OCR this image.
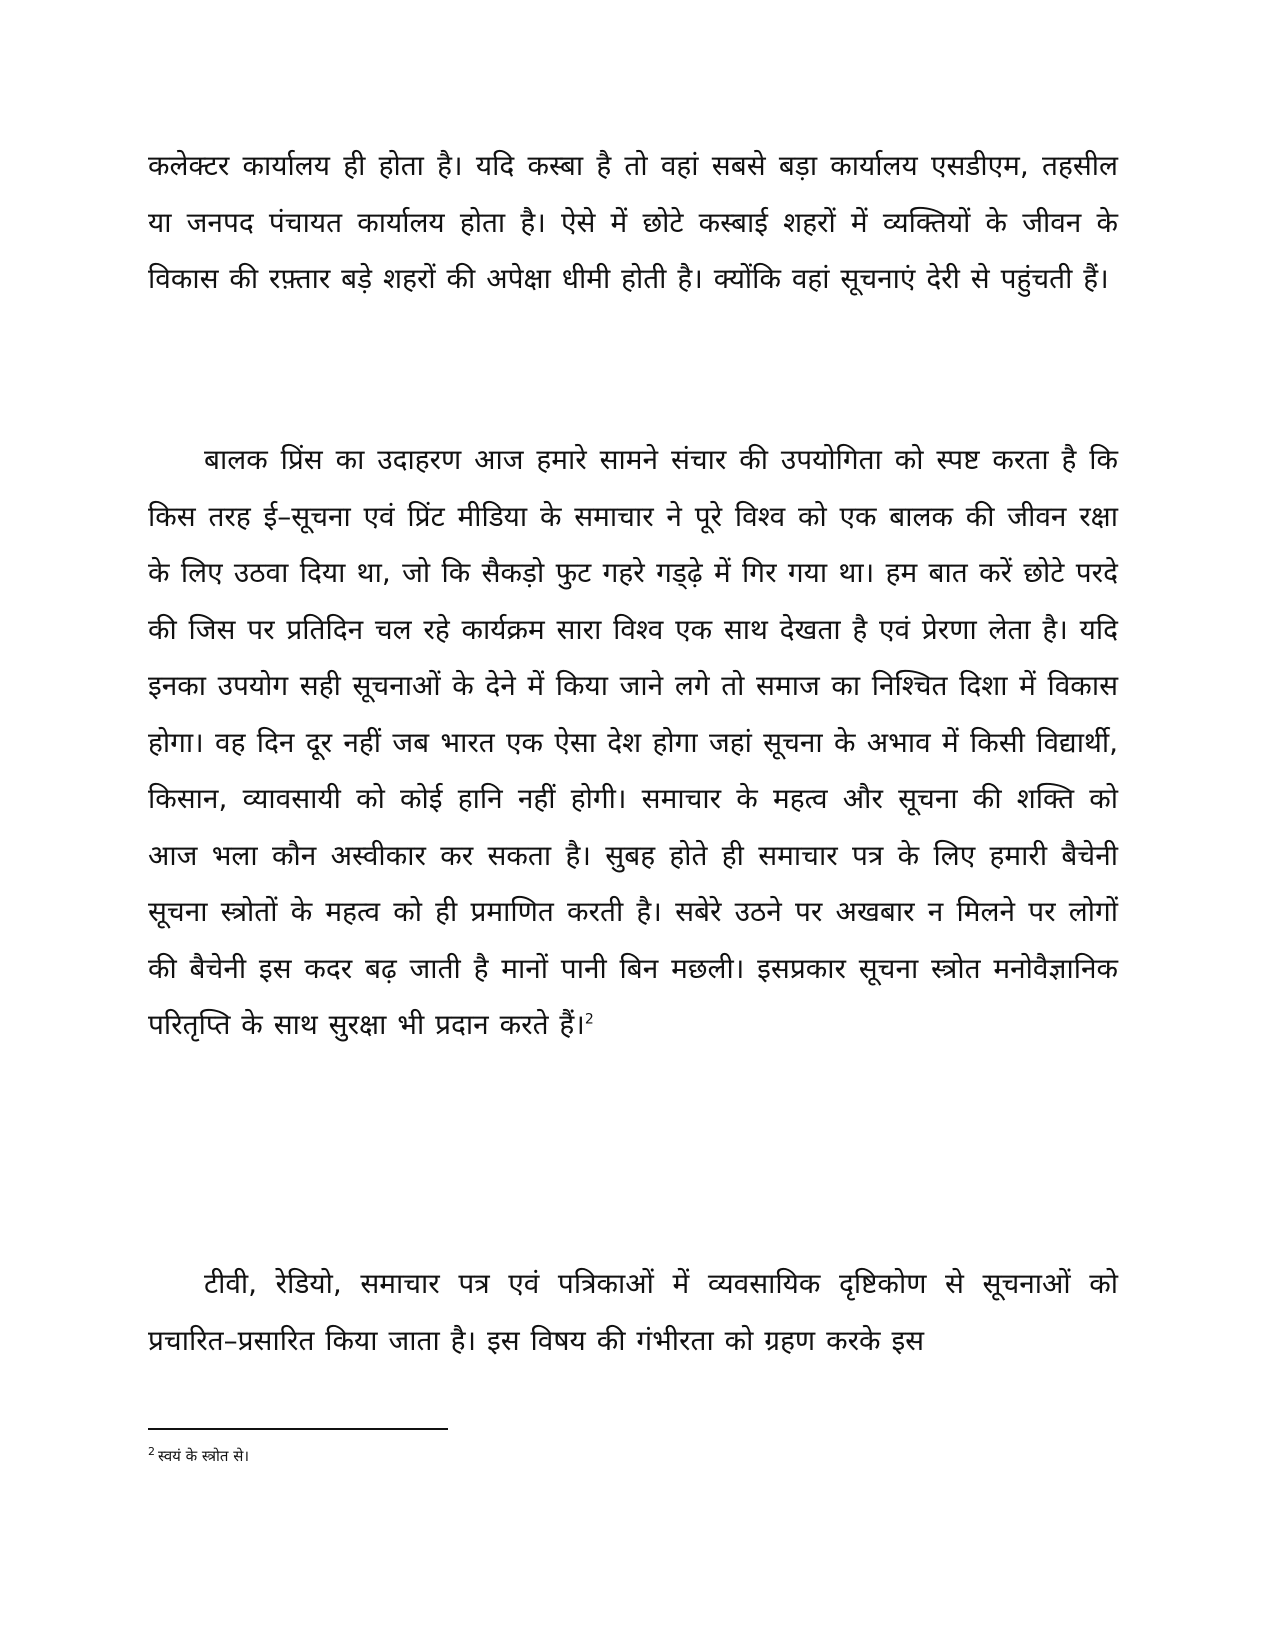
कलेक्टर कार्यालय ही होता है। यदि कस्बा है तो वहां सबसे बड़ा कार्यालय एसडीएम, तहसील या जनपद पंचायत कार्यालय होता है। ऐसे में छोटे कस्बाई शहरों में व्यक्तियों के जीवन के विकास की रफ़्तार बड़े शहरों की अपेक्षा धीमी होती है। क्योंकि वहां सूचनाएं देरी से पहुंचती हैं।

बालक प्रिंस का उदाहरण आज हमारे सामने संचार की उपयोगिता को स्पष्ट करता है कि किस तरह ई–सूचना एवं प्रिंट मीडिया के समाचार ने पूरे विश्व को एक बालक की जीवन रक्षा के लिए उठवा दिया था, जो कि सैकड़ो फुट गहरे गड्ढ़े में गिर गया था। हम बात करें छोटे परदे की जिस पर प्रतिदिन चल रहे कार्यक्रम सारा विश्व एक साथ देखता है एवं प्रेरणा लेता है। यदि इनका उपयोग सही सूचनाओं के देने में किया जाने लगे तो समाज का निश्चित दिशा में विकास होगा। वह दिन दूर नहीं जब भारत एक ऐसा देश होगा जहां सूचना के अभाव में किसी विद्यार्थी, किसान, व्यावसायी को कोई हानि नहीं होगी। समाचार के महत्व और सूचना की शक्ति को आज भला कौन अस्वीकार कर सकता है। सुबह होते ही समाचार पत्र के लिए हमारी बैचेनी सूचना स्त्रोतों के महत्व को ही प्रमाणित करती है। सबेरे उठने पर अखबार न मिलने पर लोगों की बैचेनी इस कदर बढ़ जाती है मानों पानी बिन मछली। इसप्रकार सूचना स्त्रोत मनोवैज्ञानिक परितृप्ति के साथ सुरक्षा भी प्रदान करते हैं।$^2$

टीवी, रेडियो, समाचार पत्र एवं पत्रिकाओं में व्यवसायिक दृष्टिकोण से सूचनाओं को प्रचारित–प्रसारित किया जाता है। इस विषय की गंभीरता को ग्रहण करके इस

$^2$ स्वयं के स्त्रोत से।
